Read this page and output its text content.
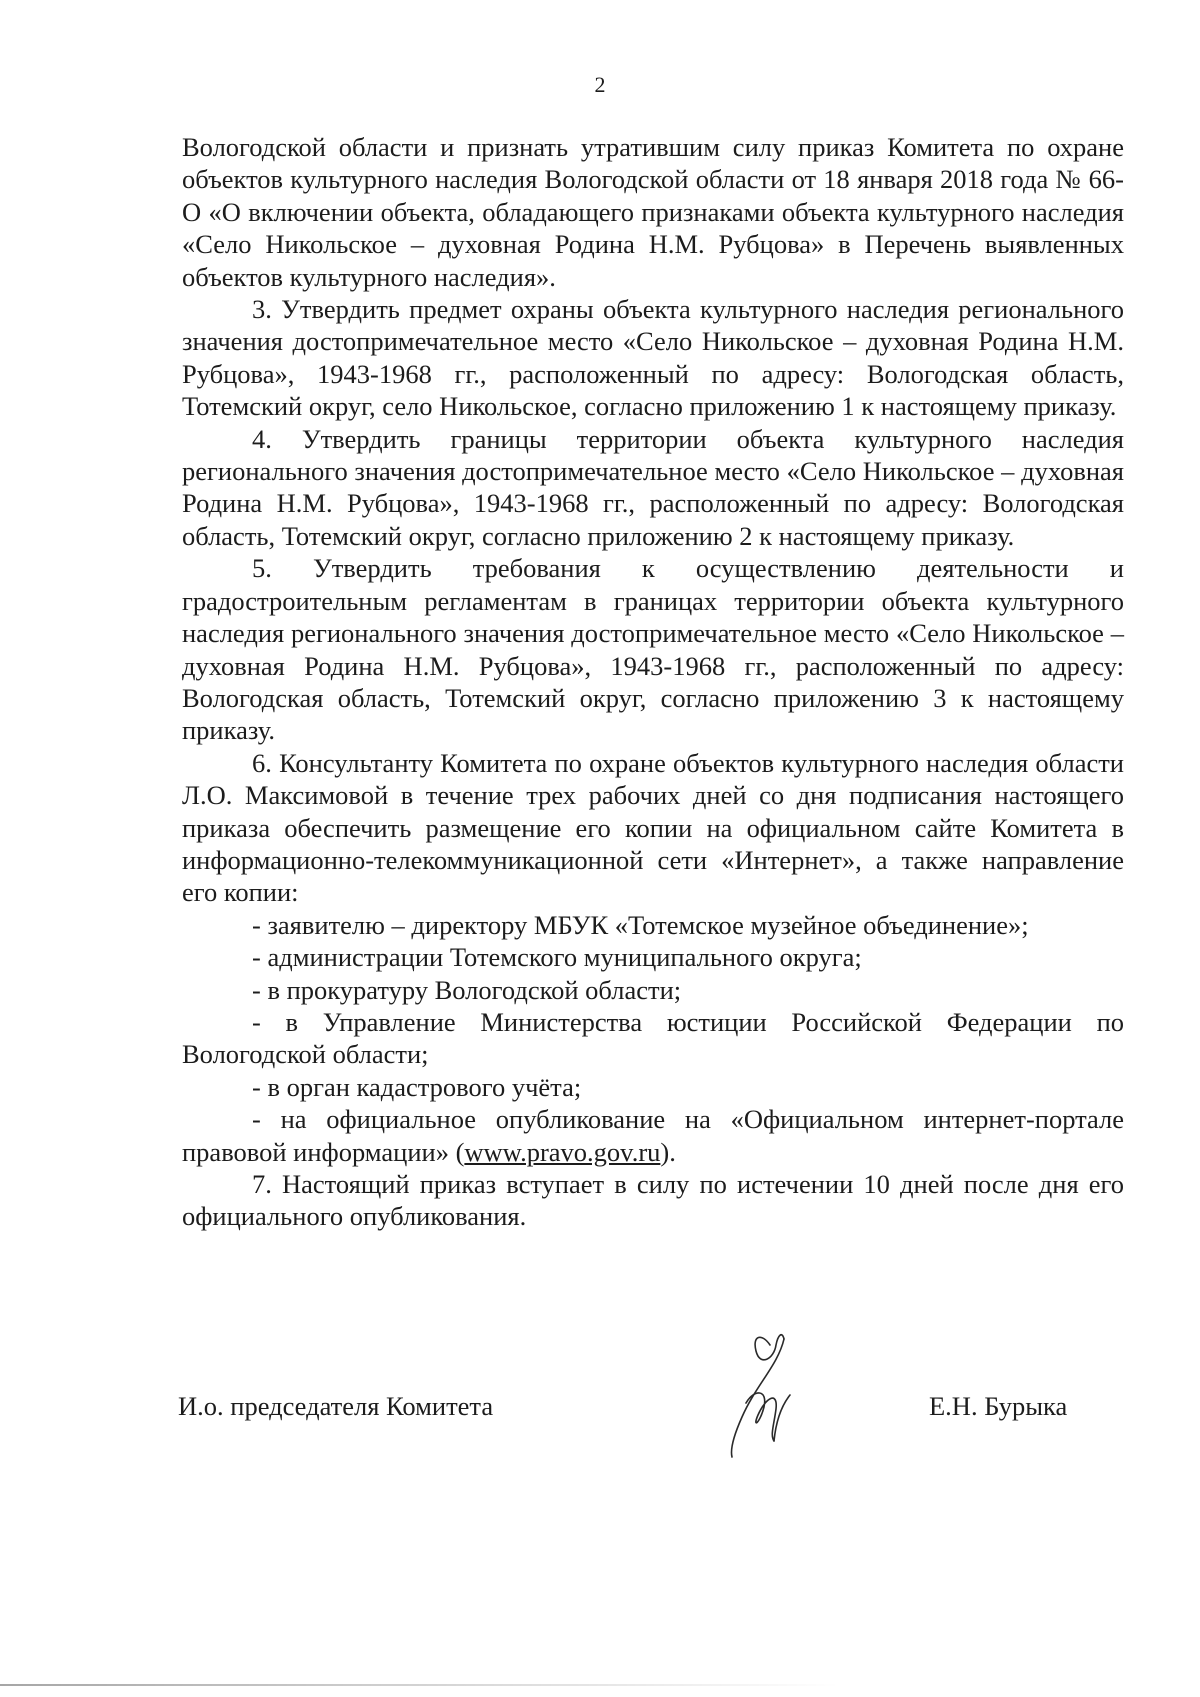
2

Вологодской области и признать утратившим силу приказ Комитета по охране объектов культурного наследия Вологодской области от 18 января 2018 года № 66-О «О включении объекта, обладающего признаками объекта культурного наследия «Село Никольское – духовная Родина Н.М. Рубцова» в Перечень выявленных объектов культурного наследия».

3. Утвердить предмет охраны объекта культурного наследия регионального значения достопримечательное место «Село Никольское – духовная Родина Н.М. Рубцова», 1943-1968 гг., расположенный по адресу: Вологодская область, Тотемский округ, село Никольское, согласно приложению 1 к настоящему приказу.

4. Утвердить границы территории объекта культурного наследия регионального значения достопримечательное место «Село Никольское – духовная Родина Н.М. Рубцова», 1943-1968 гг., расположенный по адресу: Вологодская область, Тотемский округ, согласно приложению 2 к настоящему приказу.

5. Утвердить требования к осуществлению деятельности и градостроительным регламентам в границах территории объекта культурного наследия регионального значения достопримечательное место «Село Никольское – духовная Родина Н.М. Рубцова», 1943-1968 гг., расположенный по адресу: Вологодская область, Тотемский округ, согласно приложению 3 к настоящему приказу.

6. Консультанту Комитета по охране объектов культурного наследия области Л.О. Максимовой в течение трех рабочих дней со дня подписания настоящего приказа обеспечить размещение его копии на официальном сайте Комитета в информационно-телекоммуникационной сети «Интернет», а также направление его копии:

- заявителю – директору МБУК «Тотемское музейное объединение»;

- администрации Тотемского муниципального округа;

- в прокуратуру Вологодской области;

- в Управление Министерства юстиции Российской Федерации по Вологодской области;

- в орган кадастрового учёта;

- на официальное опубликование на «Официальном интернет-портале правовой информации» (www.pravo.gov.ru).

7. Настоящий приказ вступает в силу по истечении 10 дней после дня его официального опубликования.

И.о. председателя Комитета	Е.Н. Бурыка
